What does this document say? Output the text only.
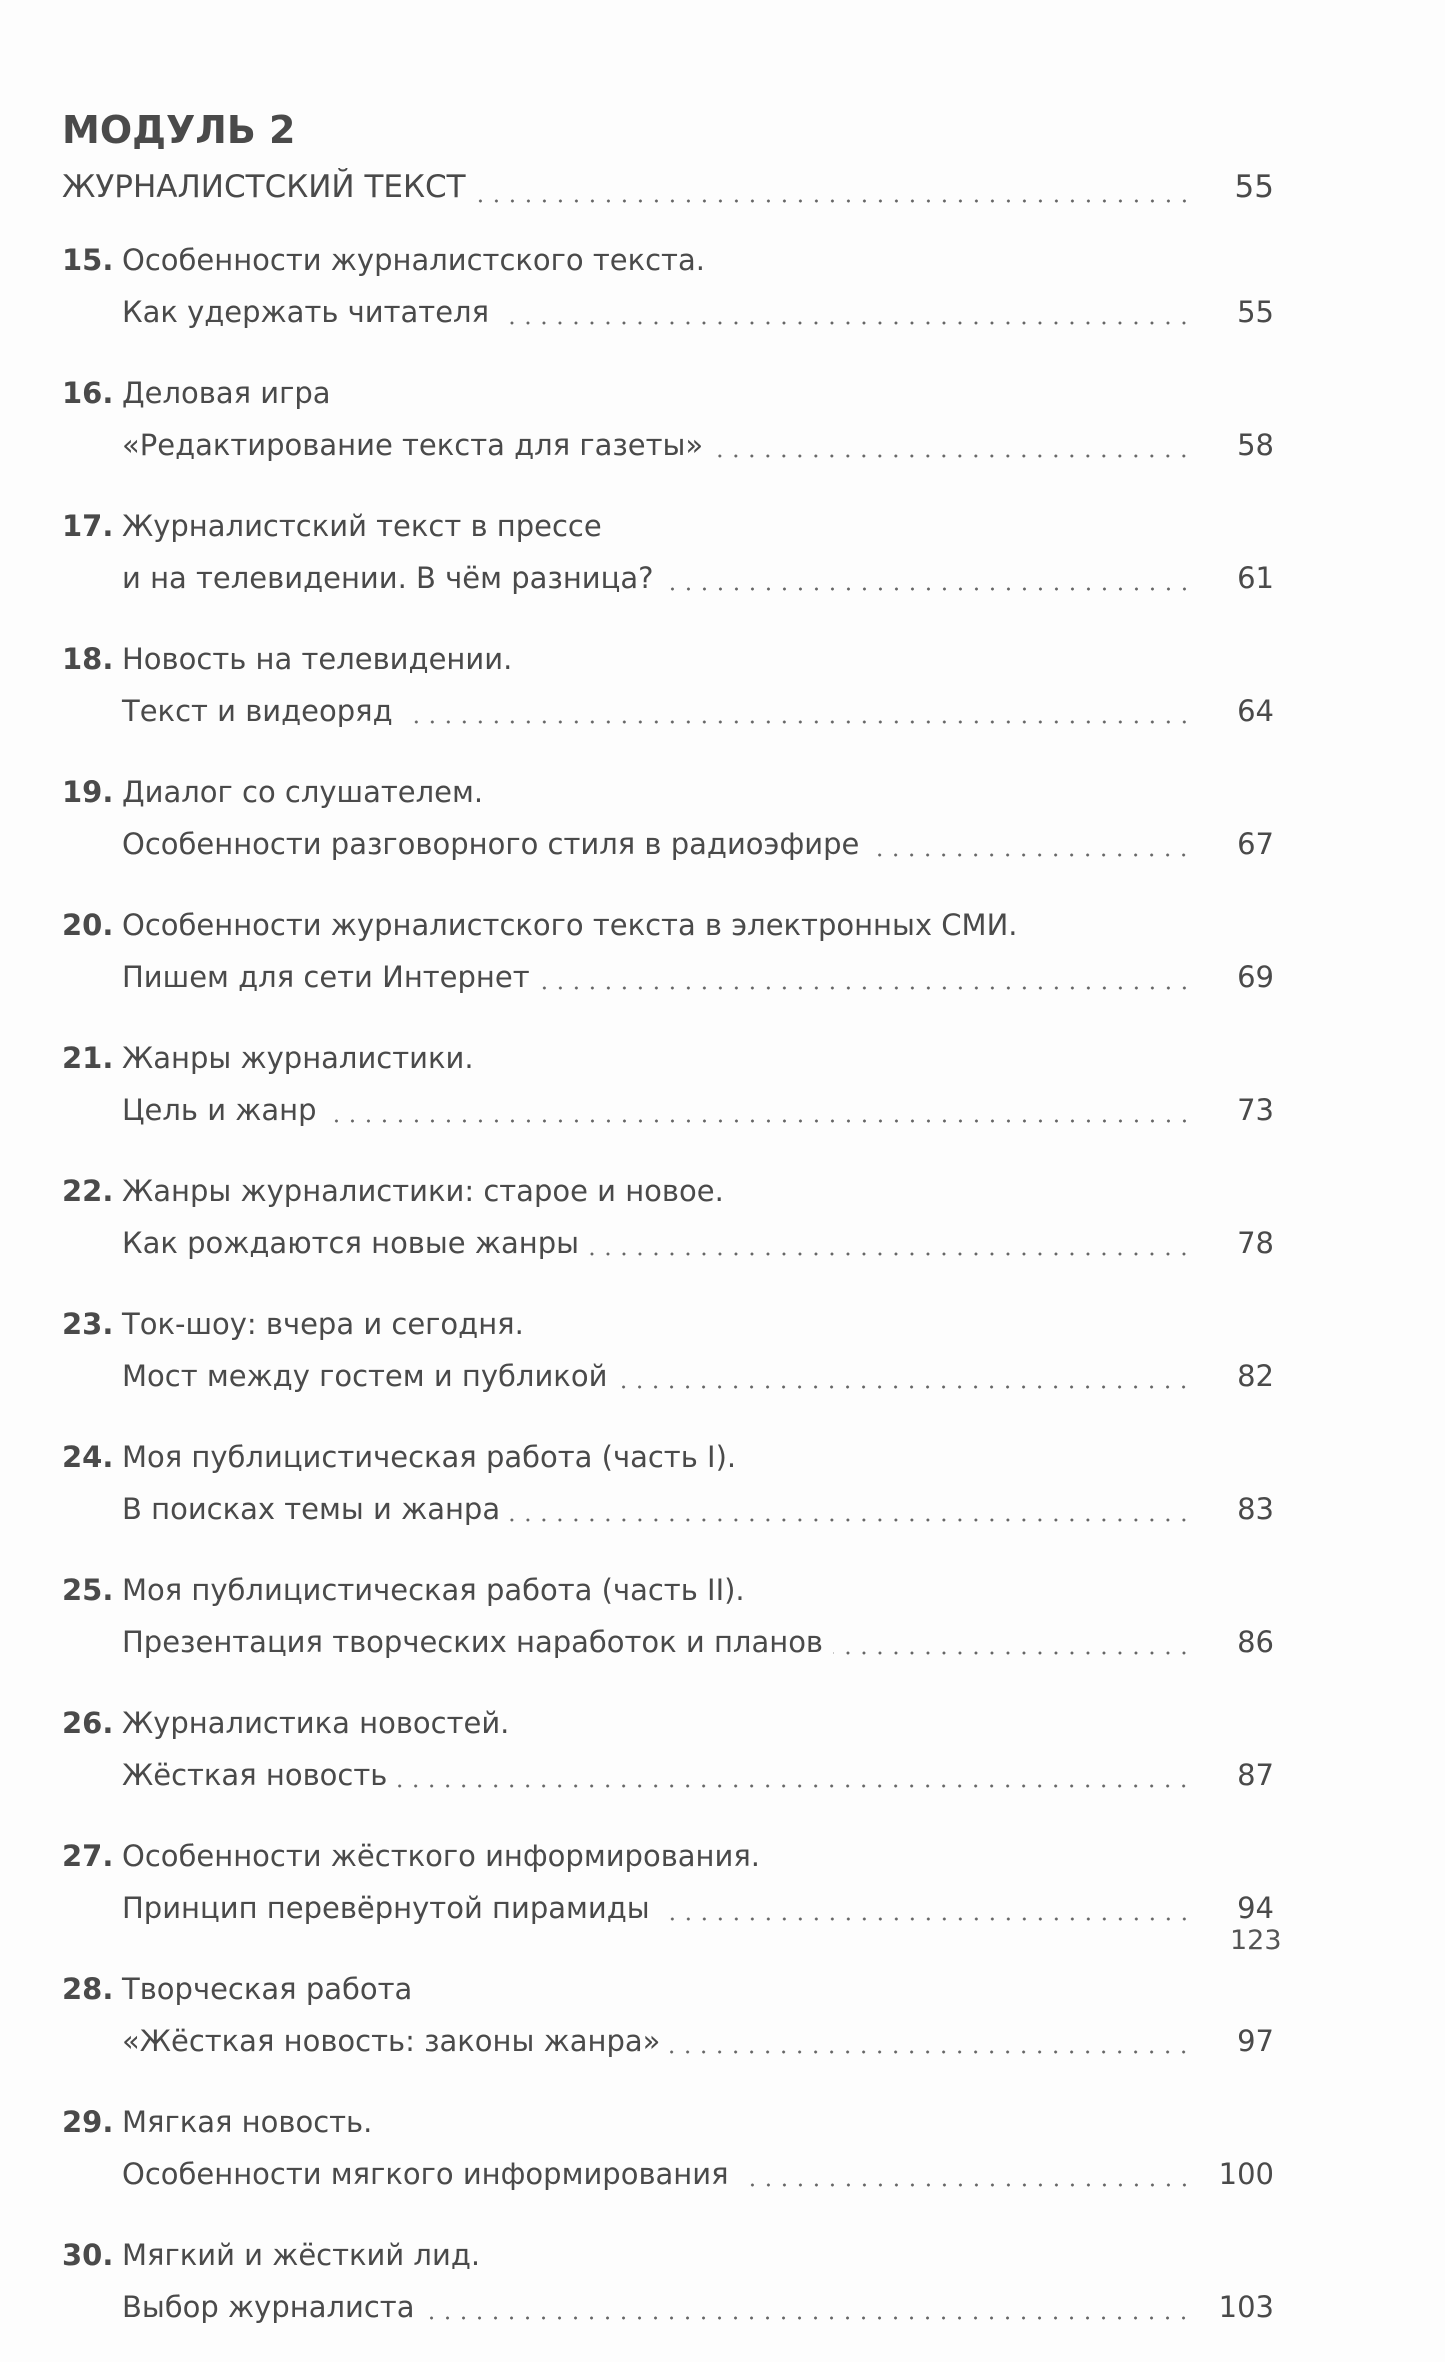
МОДУЛЬ 2
ЖУРНАЛИСТСКИЙ ТЕКСТ	55
15. Особенности журналистского текста.
Как удержать читателя	55
16. Деловая игра
«Редактирование текста для газеты»	58
17. Журналистский текст в прессе
и на телевидении. В чём разница?	61
18. Новость на телевидении.
Текст и видеоряд	64
19. Диалог со слушателем.
Особенности разговорного стиля в радиоэфире	67
20. Особенности журналистского текста в электронных СМИ.
Пишем для сети Интернет	69
21. Жанры журналистики.
Цель и жанр	73
22. Жанры журналистики: старое и новое.
Как рождаются новые жанры	78
23. Ток-шоу: вчера и сегодня.
Мост между гостем и публикой	82
24. Моя публицистическая работа (часть I).
В поисках темы и жанра	83
25. Моя публицистическая работа (часть II).
Презентация творческих наработок и планов	86
26. Журналистика новостей.
Жёсткая новость	87
27. Особенности жёсткого информирования.
Принцип перевёрнутой пирамиды	94
28. Творческая работа
«Жёсткая новость: законы жанра»	97
29. Мягкая новость.
Особенности мягкого информирования	100
30. Мягкий и жёсткий лид.
Выбор журналиста	103
123
